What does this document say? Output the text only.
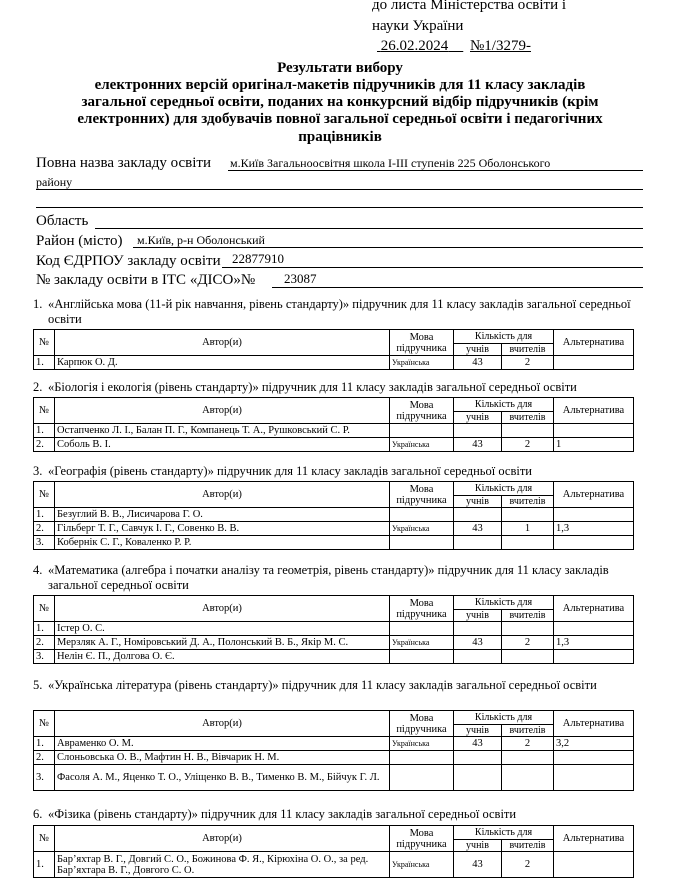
до листа Міністерства освіти і
науки України
26.02.2024	№1/3279-
Результати вибору
електронних версій оригінал-макетів підручників для 11 класу закладів
загальної середньої освіти, поданих на конкурсний відбір підручників (крім
електронних) для здобувачів повної загальної середньої освіти і педагогічних
працівників
Повна назва закладу освіти м.Київ Загальноосвітня школа І-ІІІ ступенів 225 Оболонського
району
Область
Район (місто) м.Київ, р-н Оболонський
Код ЄДРПОУ закладу освіти 22877910
№ закладу освіти в ІТС «ДІСО»№ 23087
1. «Англійська мова (11-й рік навчання, рівень стандарту)» підручник для 11 класу закладів загальної середньої освіти
№	Автор(и)	Мова
підручника	Кількість для		Альтернатива
			учнів	вчителів	
1.	Карпюк О. Д.	Українська	43	2	
2. «Біологія і екологія (рівень стандарту)» підручник для 11 класу закладів загальної середньої освіти
№	Автор(и)	Мова
підручника	Кількість для		Альтернатива
			учнів	вчителів	
1.	Остапченко Л. І., Балан П. Г., Компанець Т. А., Рушковський С. Р.				
2.	Соболь В. І.	Українська	43	2	1
3. «Географія (рівень стандарту)» підручник для 11 класу закладів загальної середньої освіти
№	Автор(и)	Мова
підручника	Кількість для		Альтернатива
			учнів	вчителів	
1.	Безуглий В. В., Лисичарова Г. О.				
2.	Гільберг Т. Г., Савчук І. Г., Совенко В. В.	Українська	43	1	1,3
3.	Кобернік С. Г., Коваленко Р. Р.				
4. «Математика (алгебра і початки аналізу та геометрія, рівень стандарту)» підручник для 11 класу закладів загальної середньої освіти
№	Автор(и)	Мова
підручника	Кількість для		Альтернатива
			учнів	вчителів	
1.	Істер О. С.				
2.	Мерзляк А. Г., Номіровський Д. А., Полонський В. Б., Якір М. С.	Українська	43	2	1,3
3.	Нелін Є. П., Долгова О. Є.				
5. «Українська література (рівень стандарту)» підручник для 11 класу закладів загальної середньої освіти
№	Автор(и)	Мова
підручника	Кількість для		Альтернатива
			учнів	вчителів	
1.	Авраменко О. М.	Українська	43	2	3,2
2.	Слоньовська О. В., Мафтин Н. В., Вівчарик Н. М.				
3.	Фасоля А. М., Яценко Т. О., Уліщенко В. В., Тименко В. М., Бійчук Г. Л.				
6. «Фізика (рівень стандарту)» підручник для 11 класу закладів загальної середньої освіти
№	Автор(и)	Мова
підручника	Кількість для		Альтернатива
			учнів	вчителів	
1.	Бар’яхтар В. Г., Довгий С. О., Божинова Ф. Я., Кірюхіна О. О., за ред. Бар’яхтара В. Г., Довгого С. О.	Українська	43	2	
